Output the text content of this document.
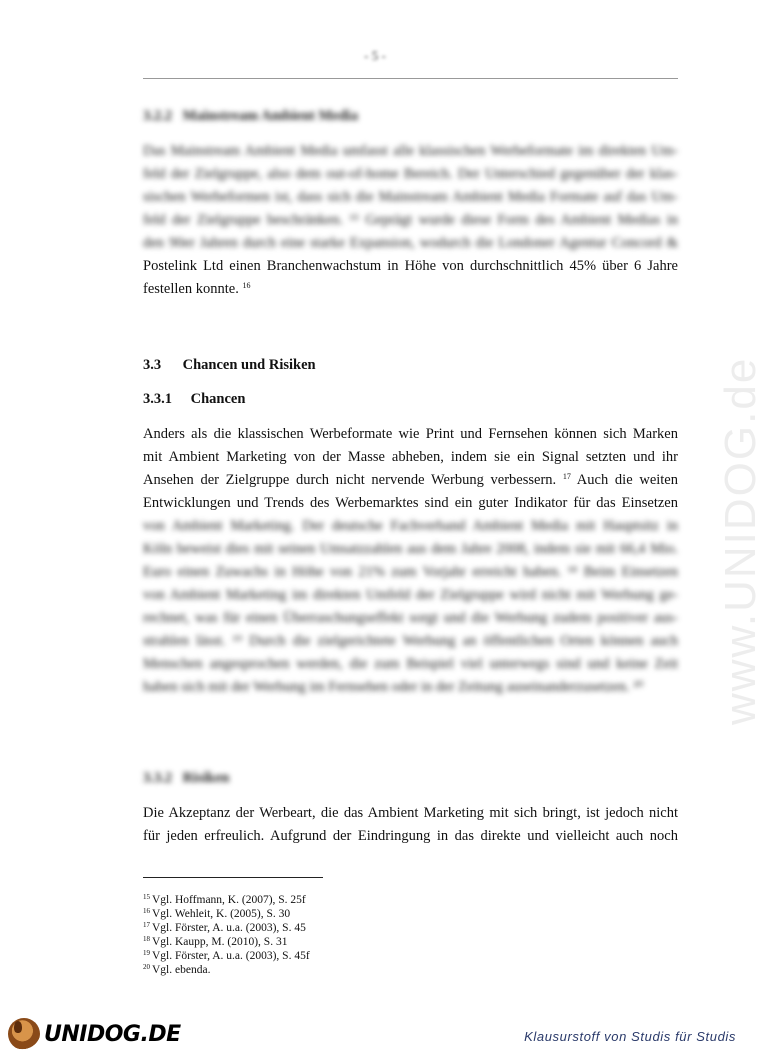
- 5 -
www.UNIDOG.de
3.2.2 Mainstream Ambient Media
Das Mainstream Ambient Media umfasst alle klassischen Werbeformate im direkten Um-
feld der Zielgruppe, also dem out-of-home Bereich. Der Unterschied gegenüber der klas-
sischen Werbeformen ist, dass sich die Mainstream Ambient Media Formate auf das Um-
feld der Zielgruppe beschränken. ¹⁵ Geprägt wurde diese Form des Ambient Medias in
den 90er Jahren durch eine starke Expansion, wodurch die Londoner Agentur Concord &
Postelink Ltd einen Branchenwachstum in Höhe von durchschnittlich 45% über 6 Jahre
festellen konnte. $^{16}$
3.3 Chancen und Risiken
3.3.1 Chancen
Anders als die klassischen Werbeformate wie Print und Fernsehen können sich Marken
mit Ambient Marketing von der Masse abheben, indem sie ein Signal setzten und ihr
Ansehen der Zielgruppe durch nicht nervende Werbung verbessern. $^{17}$ Auch die weiten
Entwicklungen und Trends des Werbemarktes sind ein guter Indikator für das Einsetzen
von Ambient Marketing. Der deutsche Fachverband Ambient Media mit Hauptsitz in
Köln beweist dies mit seinen Umsatzzahlen aus dem Jahre 2008, indem sie mit 66,4 Mio.
Euro einen Zuwachs in Höhe von 21% zum Vorjahr erreicht haben. ¹⁸ Beim Einsetzen
von Ambient Marketing im direkten Umfeld der Zielgruppe wird nicht mit Werbung ge-
rechnet, was für einen Überraschungseffekt sorgt und die Werbung zudem positiver aus-
strahlen lässt. ¹⁹ Durch die zielgerichtete Werbung an öffentlichen Orten können auch
Menschen angesprochen werden, die zum Beispiel viel unterwegs sind und keine Zeit
haben sich mit der Werbung im Fernsehen oder in der Zeitung auseinanderzusetzen. ²⁰
3.3.2 Risiken
Die Akzeptanz der Werbeart, die das Ambient Marketing mit sich bringt, ist jedoch nicht
für jeden erfreulich. Aufgrund der Eindringung in das direkte und vielleicht auch noch
$^{15}$ Vgl. Hoffmann, K. (2007), S. 25f
$^{16}$ Vgl. Wehleit, K. (2005), S. 30
$^{17}$ Vgl. Förster, A. u.a. (2003), S. 45
$^{18}$ Vgl. Kaupp, M. (2010), S. 31
$^{19}$ Vgl. Förster, A. u.a. (2003), S. 45f
$^{20}$ Vgl. ebenda.
UNIDOG.DE	Klausurstoff von Studis für Studis
